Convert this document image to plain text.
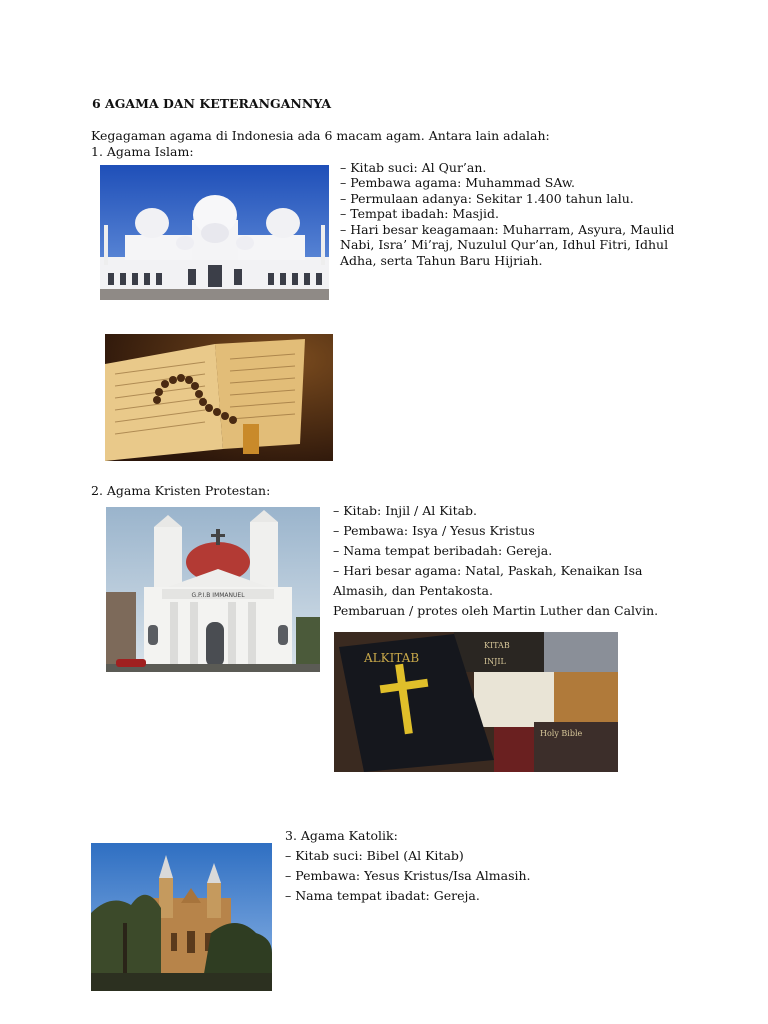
6 AGAMA DAN KETERANGANNYA
Kegagaman agama di Indonesia ada 6 macam agam. Antara lain adalah:
1. Agama Islam:
– Kitab suci: Al Qur’an.
– Pembawa agama: Muhammad SAw.
– Permulaan adanya: Sekitar 1.400 tahun lalu.
– Tempat ibadah: Masjid.
– Hari besar keagamaan: Muharram, Asyura, Maulid
Nabi, Isra’ Mi’raj, Nuzulul Qur’an, Idhul Fitri, Idhul
Adha, serta Tahun Baru Hijriah.
2. Agama Kristen Protestan:
– Kitab: Injil / Al Kitab.
– Pembawa: Isya / Yesus Kristus
– Nama tempat beribadah: Gereja.
– Hari besar agama: Natal, Paskah, Kenaikan Isa
Almasih, dan Pentakosta.
Pembaruan / protes oleh Martin Luther dan Calvin.
G.P.I.B IMMANUEL
KITAB
INJIL
Holy Bible
ALKITAB
3. Agama Katolik:
– Kitab suci: Bibel (Al Kitab)
– Pembawa: Yesus Kristus/Isa Almasih.
– Nama tempat ibadat: Gereja.
